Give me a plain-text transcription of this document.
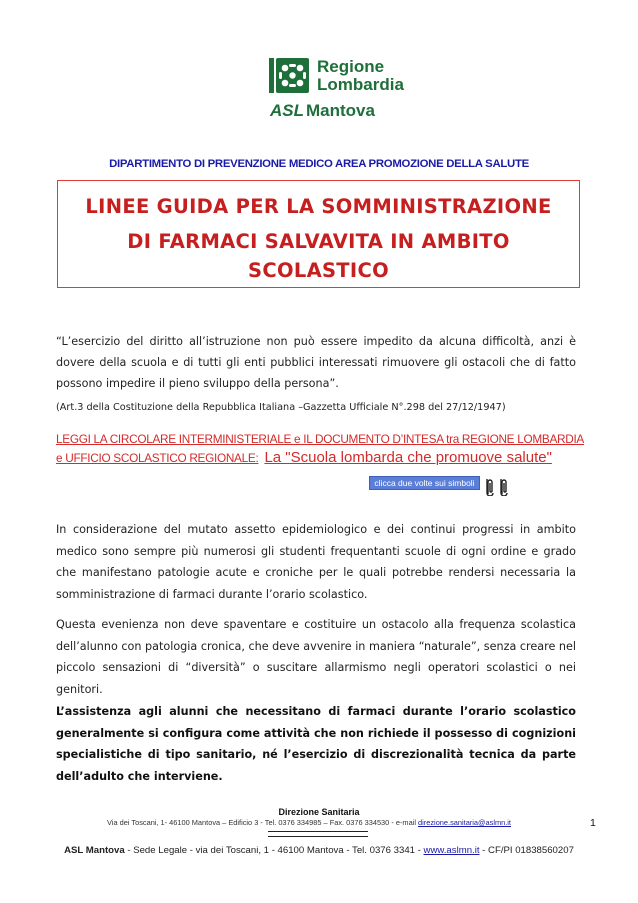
Regione
Lombardia
ASL Mantova
DIPARTIMENTO DI PREVENZIONE MEDICO AREA PROMOZIONE DELLA SALUTE
LINEE GUIDA PER LA SOMMINISTRAZIONE
DI FARMACI SALVAVITA IN AMBITO
SCOLASTICO
“L’esercizio del diritto all’istruzione non può essere impedito da alcuna difficoltà, anzi è dovere della scuola e di tutti gli enti pubblici interessati rimuovere gli ostacoli che di fatto possono impedire il pieno sviluppo della persona”.
(Art.3 della Costituzione della Repubblica Italiana –Gazzetta Ufficiale N°.298 del 27/12/1947)
LEGGI LA CIRCOLARE INTERMINISTERIALE e IL DOCUMENTO D’INTESA tra REGIONE LOMBARDIA
e UFFICIO SCOLASTICO REGIONALE: La "Scuola lombarda che promuove salute"
clicca due volte sui simboli
In considerazione del mutato assetto epidemiologico e dei continui progressi in ambito medico sono sempre più numerosi gli studenti frequentanti scuole di ogni ordine e grado che manifestano patologie acute e croniche per le quali potrebbe rendersi necessaria la somministrazione di farmaci durante l’orario scolastico.
Questa evenienza non deve spaventare e costituire un ostacolo alla frequenza scolastica dell’alunno con patologia cronica, che deve avvenire in maniera “naturale”, senza creare nel piccolo sensazioni di “diversità” o suscitare allarmismo negli operatori scolastici o nei genitori.
L’assistenza agli alunni che necessitano di farmaci durante l’orario scolastico generalmente si configura come attività che non richiede il possesso di cognizioni specialistiche di tipo sanitario, né l’esercizio di discrezionalità tecnica da parte dell’adulto che interviene.
Direzione Sanitaria
Via dei Toscani, 1- 46100 Mantova – Edificio 3 - Tel. 0376 334985 – Fax. 0376 334530 - e-mail direzione.sanitaria@aslmn.it	1
ASL Mantova - Sede Legale - via dei Toscani, 1 - 46100 Mantova - Tel. 0376 3341 - www.aslmn.it - CF/PI 01838560207
